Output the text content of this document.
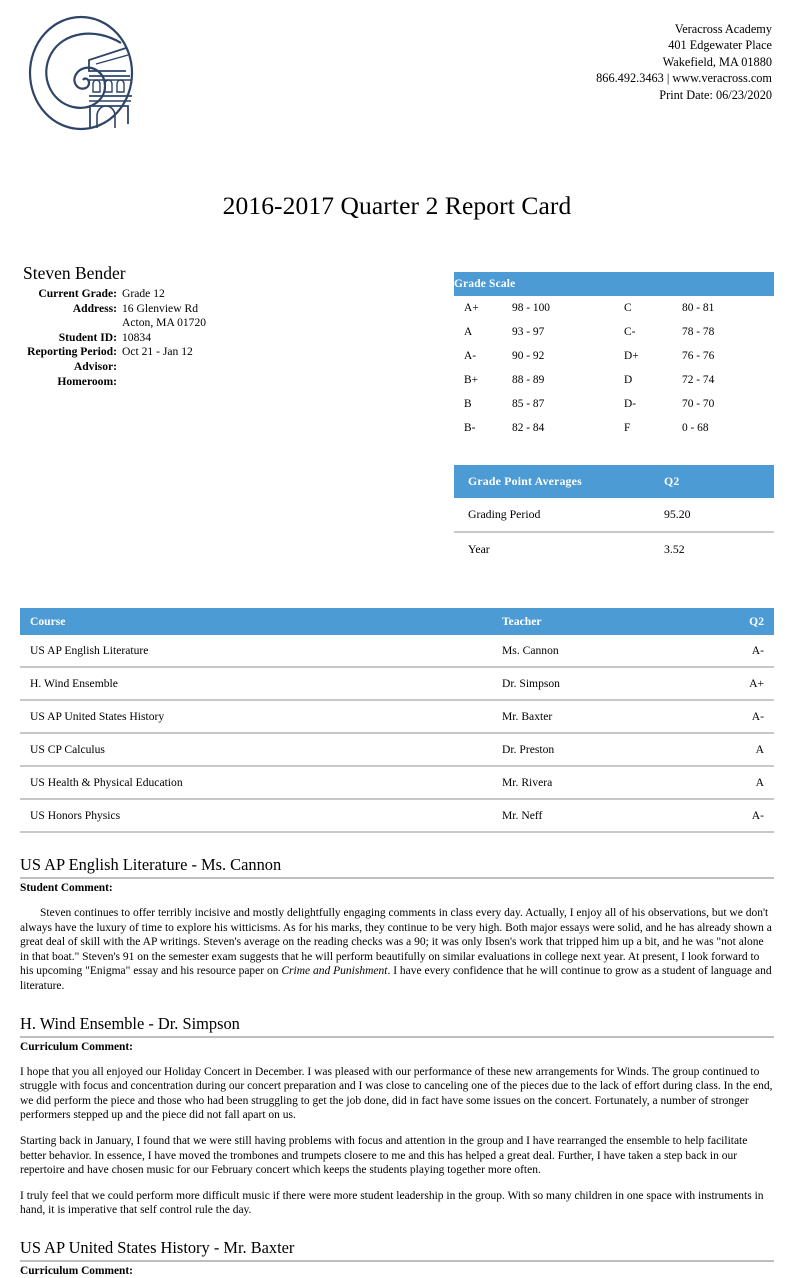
Veracross Academy
401 Edgewater Place
Wakefield, MA 01880
866.492.3463 | www.veracross.com
Print Date: 06/23/2020
2016-2017 Quarter 2 Report Card
Steven Bender
Current Grade: Grade 12
Address: 16 Glenview Rd
Acton, MA 01720
Student ID: 10834
Reporting Period: Oct 21 - Jan 12
Advisor:
Homeroom:
Grade Scale			
A+	98 - 100	C	80 - 81
A	93 - 97	C-	78 - 78
A-	90 - 92	D+	76 - 76
B+	88 - 89	D	72 - 74
B	85 - 87	D-	70 - 70
B-	82 - 84	F	0 - 68
Grade Point Averages	Q2
Grading Period	95.20
Year	3.52
Course	Teacher	Q2
US AP English Literature	Ms. Cannon	A-
H. Wind Ensemble	Dr. Simpson	A+
US AP United States History	Mr. Baxter	A-
US CP Calculus	Dr. Preston	A
US Health & Physical Education	Mr. Rivera	A
US Honors Physics	Mr. Neff	A-
US AP English Literature - Ms. Cannon

Student Comment:

Steven continues to offer terribly incisive and mostly delightfully engaging comments in class every day. Actually, I enjoy all of his observations, but we don't always have the luxury of time to explore his witticisms. As for his marks, they continue to be very high. Both major essays were solid, and he has already shown a great deal of skill with the AP writings. Steven's average on the reading checks was a 90; it was only Ibsen's work that tripped him up a bit, and he was "not alone in that boat." Steven's 91 on the semester exam suggests that he will perform beautifully on similar evaluations in college next year. At present, I look forward to his upcoming "Enigma" essay and his resource paper on Crime and Punishment. I have every confidence that he will continue to grow as a student of language and literature.

H. Wind Ensemble - Dr. Simpson

Curriculum Comment:

I hope that you all enjoyed our Holiday Concert in December. I was pleased with our performance of these new arrangements for Winds. The group continued to struggle with focus and concentration during our concert preparation and I was close to canceling one of the pieces due to the lack of effort during class. In the end, we did perform the piece and those who had been struggling to get the job done, did in fact have some issues on the concert. Fortunately, a number of stronger performers stepped up and the piece did not fall apart on us.

Starting back in January, I found that we were still having problems with focus and attention in the group and I have rearranged the ensemble to help facilitate better behavior. In essence, I have moved the trombones and trumpets closere to me and this has helped a great deal. Further, I have taken a step back in our repertoire and have chosen music for our February concert which keeps the students playing together more often.

I truly feel that we could perform more difficult music if there were more student leadership in the group. With so many children in one space with instruments in hand, it is imperative that self control rule the day.

US AP United States History - Mr. Baxter

Curriculum Comment:
